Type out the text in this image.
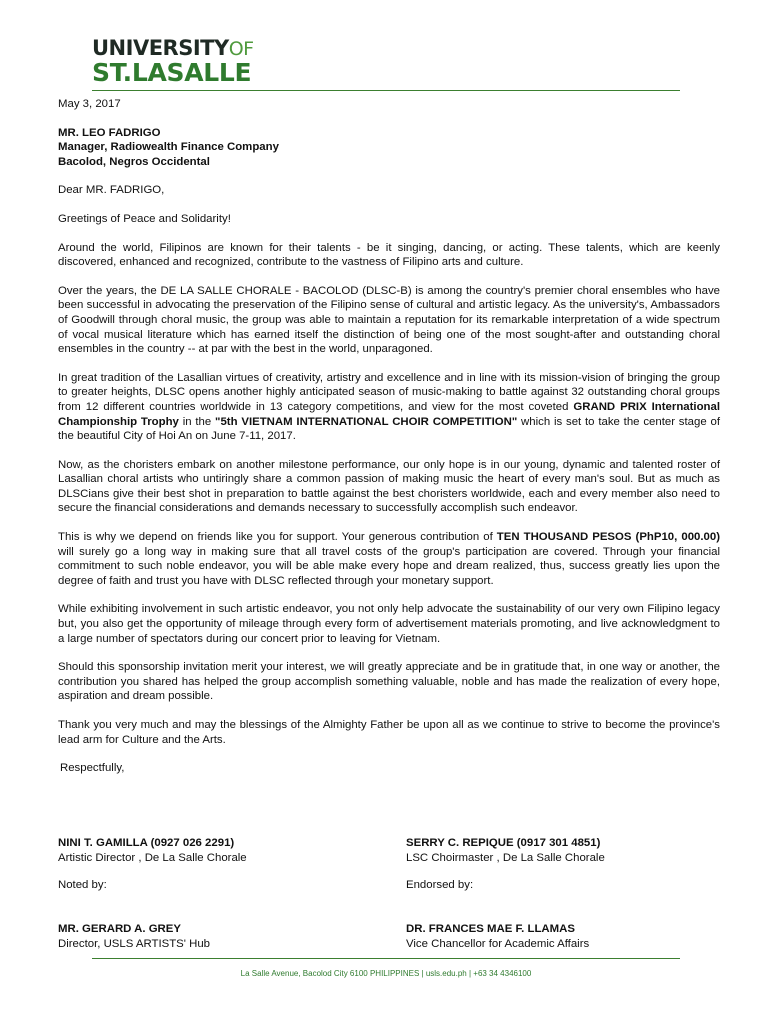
UNIVERSITYOF
ST.LASALLE

May 3, 2017

MR. LEO FADRIGO

Manager, Radiowealth Finance Company

Bacolod, Negros Occidental

Dear MR. FADRIGO,

Greetings of Peace and Solidarity!

Around the world, Filipinos are known for their talents - be it singing, dancing, or acting. These talents, which are keenly discovered, enhanced and recognized, contribute to the vastness of Filipino arts and culture.

Over the years, the DE LA SALLE CHORALE - BACOLOD (DLSC-B) is among the country's premier choral ensembles who have been successful in advocating the preservation of the Filipino sense of cultural and artistic legacy. As the university's, Ambassadors of Goodwill through choral music, the group was able to maintain a reputation for its remarkable interpretation of a wide spectrum of vocal musical literature which has earned itself the distinction of being one of the most sought-after and outstanding choral ensembles in the country -- at par with the best in the world, unparagoned.

In great tradition of the Lasallian virtues of creativity, artistry and excellence and in line with its mission-vision of bringing the group to greater heights, DLSC opens another highly anticipated season of music-making to battle against 32 outstanding choral groups from 12 different countries worldwide in 13 category competitions, and view for the most coveted GRAND PRIX International Championship Trophy in the "5th VIETNAM INTERNATIONAL CHOIR COMPETITION" which is set to take the center stage of the beautiful City of Hoi An on June 7-11, 2017.

Now, as the choristers embark on another milestone performance, our only hope is in our young, dynamic and talented roster of Lasallian choral artists who untiringly share a common passion of making music the heart of every man's soul. But as much as DLSCians give their best shot in preparation to battle against the best choristers worldwide, each and every member also need to secure the financial considerations and demands necessary to successfully accomplish such endeavor.

This is why we depend on friends like you for support. Your generous contribution of TEN THOUSAND PESOS (PhP10, 000.00) will surely go a long way in making sure that all travel costs of the group's participation are covered. Through your financial commitment to such noble endeavor, you will be able make every hope and dream realized, thus, success greatly lies upon the degree of faith and trust you have with DLSC reflected through your monetary support.

While exhibiting involvement in such artistic endeavor, you not only help advocate the sustainability of our very own Filipino legacy but, you also get the opportunity of mileage through every form of advertisement materials promoting, and live acknowledgment to a large number of spectators during our concert prior to leaving for Vietnam.

Should this sponsorship invitation merit your interest, we will greatly appreciate and be in gratitude that, in one way or another, the contribution you shared has helped the group accomplish something valuable, noble and has made the realization of every hope, aspiration and dream possible.

Thank you very much and may the blessings of the Almighty Father be upon all as we continue to strive to become the province's lead arm for Culture and the Arts.

Respectfully,

NINI T. GAMILLA (0927 026 2291)
Artistic Director , De La Salle Chorale
SERRY C. REPIQUE (0917 301 4851)
LSC Choirmaster , De La Salle Chorale
Noted by:	Endorsed by:
MR. GERARD A. GREY
Director, USLS ARTISTS' Hub
DR. FRANCES MAE F. LLAMAS
Vice Chancellor for Academic Affairs
La Salle Avenue, Bacolod City 6100 PHILIPPINES | usls.edu.ph | +63 34 4346100
